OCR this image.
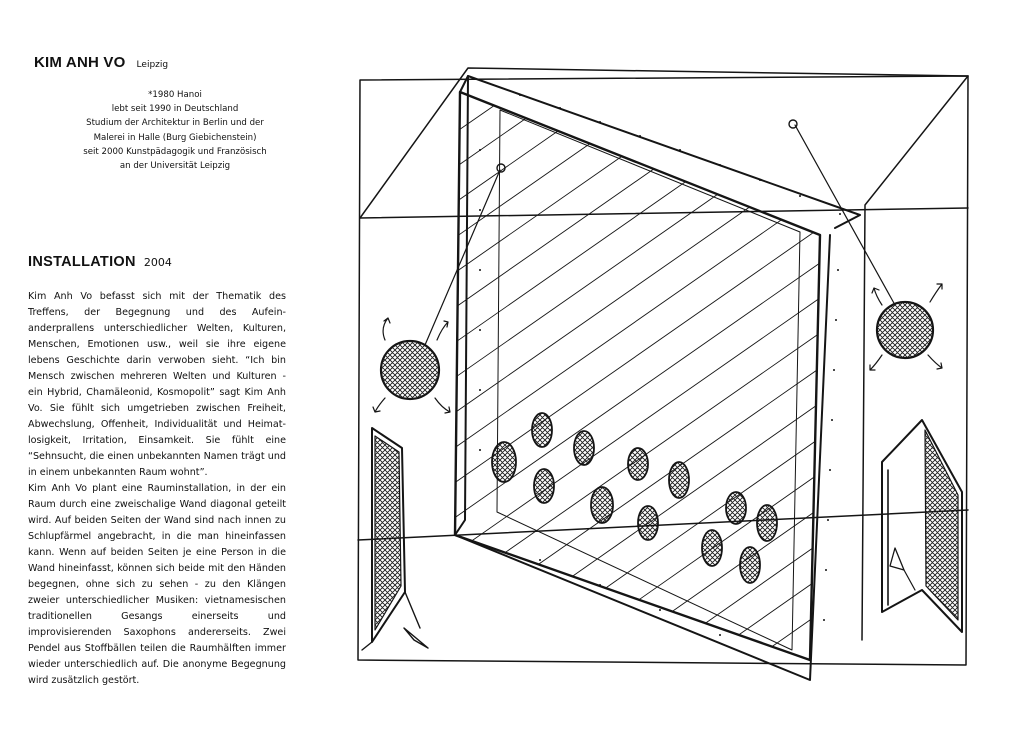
KIM ANH VO Leipzig
*1980 Hanoi
lebt seit 1990 in Deutschland
Studium der Architektur in Berlin und der
Malerei in Halle (Burg Giebichenstein)
seit 2000 Kunstpädagogik und Französisch
an der Universität Leipzig
INSTALLATION 2004

Kim Anh Vo befasst sich mit der Thematik des Treffens, der Begegnung und des Aufein-anderprallens unterschiedlicher Welten, Kulturen, Menschen, Emotionen usw., weil sie ihre eigene lebens Geschichte darin verwoben sieht. “Ich bin Mensch zwischen mehreren Welten und Kulturen - ein Hybrid, Chamäleonid, Kosmopolit” sagt Kim Anh Vo. Sie fühlt sich umgetrieben zwischen Freiheit, Abwechslung, Offenheit, Individualität und Heimat-losigkeit, Irritation, Einsamkeit. Sie fühlt eine “Sehnsucht, die einen unbekannten Namen trägt und in einem unbekannten Raum wohnt”.

Kim Anh Vo plant eine Rauminstallation, in der ein Raum durch eine zweischalige Wand diagonal geteilt wird. Auf beiden Seiten der Wand sind nach innen zu Schlupfärmel angebracht, in die man hineinfassen kann. Wenn auf beiden Seiten je eine Person in die Wand hineinfasst, können sich beide mit den Händen begegnen, ohne sich zu sehen - zu den Klängen zweier unterschiedlicher Musiken: vietnamesischen traditionellen Gesangs einerseits und improvisierenden Saxophons andererseits. Zwei Pendel aus Stoffbällen teilen die Raumhälften immer wieder unterschiedlich auf. Die anonyme Begegnung wird zusätzlich gestört.
